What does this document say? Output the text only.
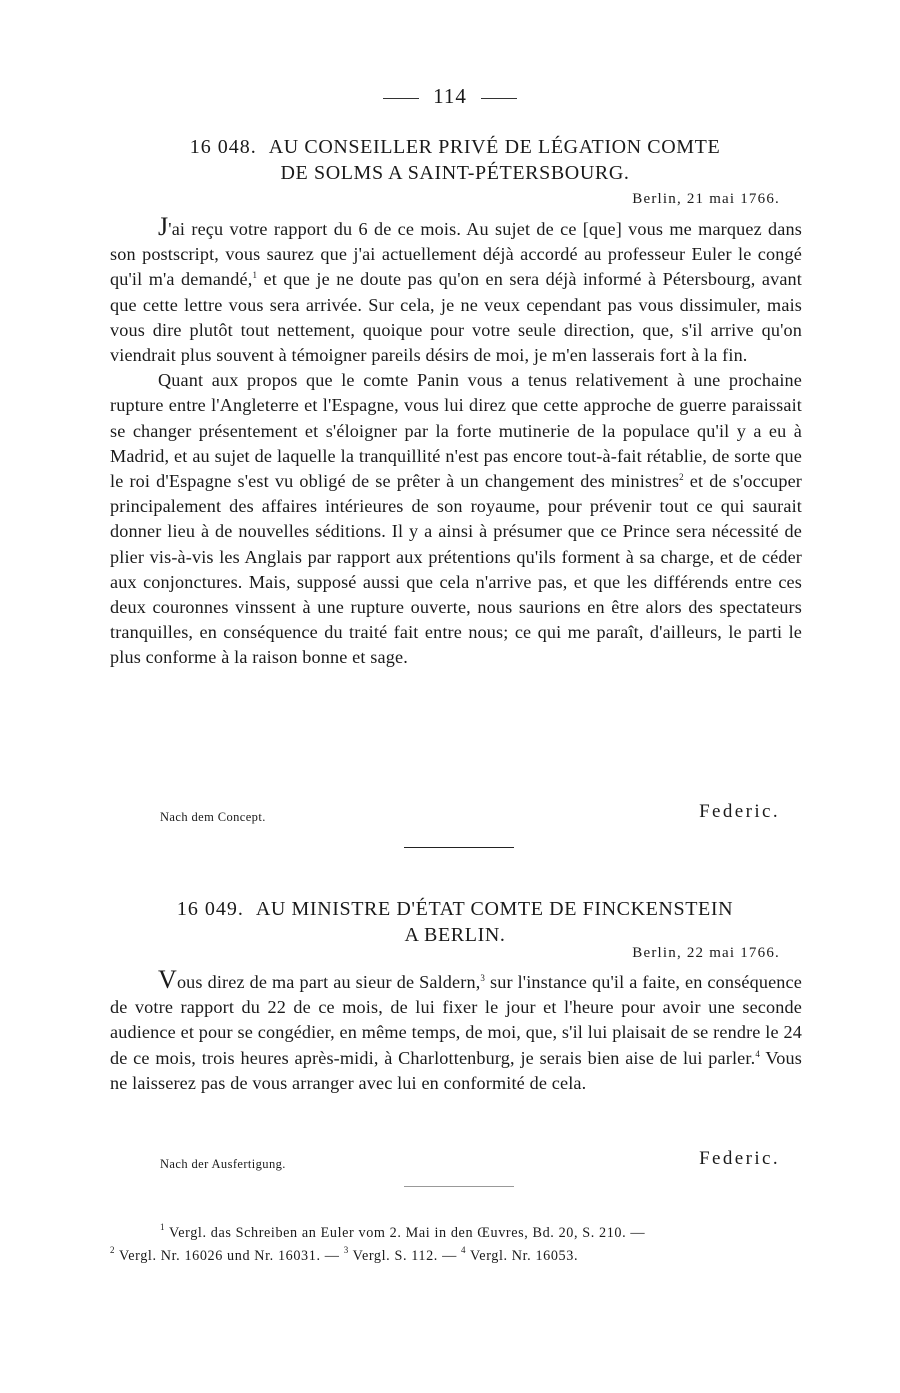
114
16 048. AU CONSEILLER PRIVÉ DE LÉGATION COMTE
DE SOLMS A SAINT-PÉTERSBOURG.
Berlin, 21 mai 1766.

J'ai reçu votre rapport du 6 de ce mois. Au sujet de ce [que] vous me marquez dans son postscript, vous saurez que j'ai actuellement déjà accordé au professeur Euler le congé qu'il m'a demandé,$^1$ et que je ne doute pas qu'on en sera déjà informé à Pétersbourg, avant que cette lettre vous sera arrivée. Sur cela, je ne veux cependant pas vous dissimuler, mais vous dire plutôt tout nettement, quoique pour votre seule direction, que, s'il arrive qu'on viendrait plus souvent à témoigner pareils désirs de moi, je m'en lasserais fort à la fin.

Quant aux propos que le comte Panin vous a tenus relativement à une prochaine rupture entre l'Angleterre et l'Espagne, vous lui direz que cette approche de guerre paraissait se changer présentement et s'éloigner par la forte mutinerie de la populace qu'il y a eu à Madrid, et au sujet de laquelle la tranquillité n'est pas encore tout-à-fait rétablie, de sorte que le roi d'Espagne s'est vu obligé de se prêter à un changement des ministres$^2$ et de s'occuper principalement des affaires intérieures de son royaume, pour prévenir tout ce qui saurait donner lieu à de nouvelles séditions. Il y a ainsi à présumer que ce Prince sera nécessité de plier vis-à-vis les Anglais par rapport aux prétentions qu'ils forment à sa charge, et de céder aux conjonctures. Mais, supposé aussi que cela n'arrive pas, et que les différends entre ces deux couronnes vinssent à une rupture ouverte, nous saurions en être alors des spectateurs tranquilles, en conséquence du traité fait entre nous; ce qui me paraît, d'ailleurs, le parti le plus conforme à la raison bonne et sage.

Nach dem Concept.	Federic.
16 049. AU MINISTRE D'ÉTAT COMTE DE FINCKENSTEIN
A BERLIN.
Berlin, 22 mai 1766.

Vous direz de ma part au sieur de Saldern,$^3$ sur l'instance qu'il a faite, en conséquence de votre rapport du 22 de ce mois, de lui fixer le jour et l'heure pour avoir une seconde audience et pour se congédier, en même temps, de moi, que, s'il lui plaisait de se rendre le 24 de ce mois, trois heures après-midi, à Charlottenburg, je serais bien aise de lui parler.$^4$ Vous ne laisserez pas de vous arranger avec lui en conformité de cela.

Nach der Ausfertigung.	Federic.
$^1$ Vergl. das Schreiben an Euler vom 2. Mai in den Œuvres, Bd. 20, S. 210. —
$^2$ Vergl. Nr. 16026 und Nr. 16031. — $^3$ Vergl. S. 112. — $^4$ Vergl. Nr. 16053.
